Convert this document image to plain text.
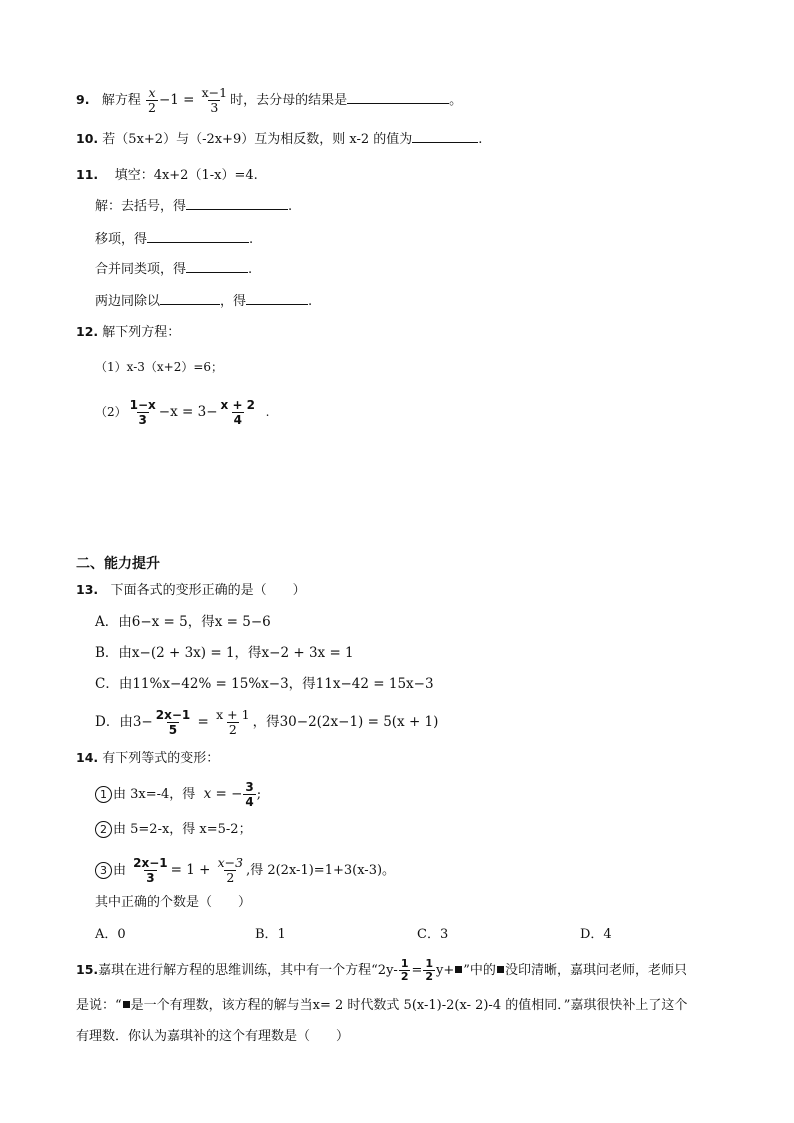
9. 解方程 $\frac{x}{2} -1 = \frac{x-1}{3}$ 时，去分母的结果是	。
10. 若（5x+2）与（-2x+9）互为相反数，则 x-2 的值为	.
11. 填空：4x+2（1-x）=4.
解：去括号，得	.
移项，得	.
合并同类项，得	.
两边同除以	，得	.
12. 解下列方程：
（1）x-3（x+2）=6；
$(2) \frac{1-x}{3} -x = 3- \frac{x + 2}{4}$ .
二、能力提升
13. 下面各式的变形正确的是（　　）
A．由6−x = 5，得x = 5−6
B．由x−(2 + 3x) = 1，得x−2 + 3x = 1
C．由11%x−42% = 15%x−3，得11x−42 = 15x−3
D．由$3- \frac{2x-1}{5} = \frac{x + 1}{2}$ ，得30−2(2x−1) = 5(x + 1)
14. 有下列等式的变形：
1 由 3x=-4，得 x = − $\frac{3}{4}$ ;
2 由 5=2-x，得 x=5-2；
3 由 $\frac{2x-1}{3} = 1 + \frac{x-3}{2}$ ,得 2(2x-1)=1+3(x-3)。
其中正确的个数是（　　）
A．0	B．1	C．3	D．4
15.嘉琪在进行解方程的思维训练，其中有一个方程“$2y- \frac{1}{2} = \frac{1}{2} y+$ ”中的 没印清晰，嘉琪问老师，老师只
是说：“ 是一个有理数，该方程的解与当x= 2 时代数式 5(x-1)-2(x- 2)-4 的值相同．”嘉琪很快补上了这个
有理数．你认为嘉琪补的这个有理数是（　　）
